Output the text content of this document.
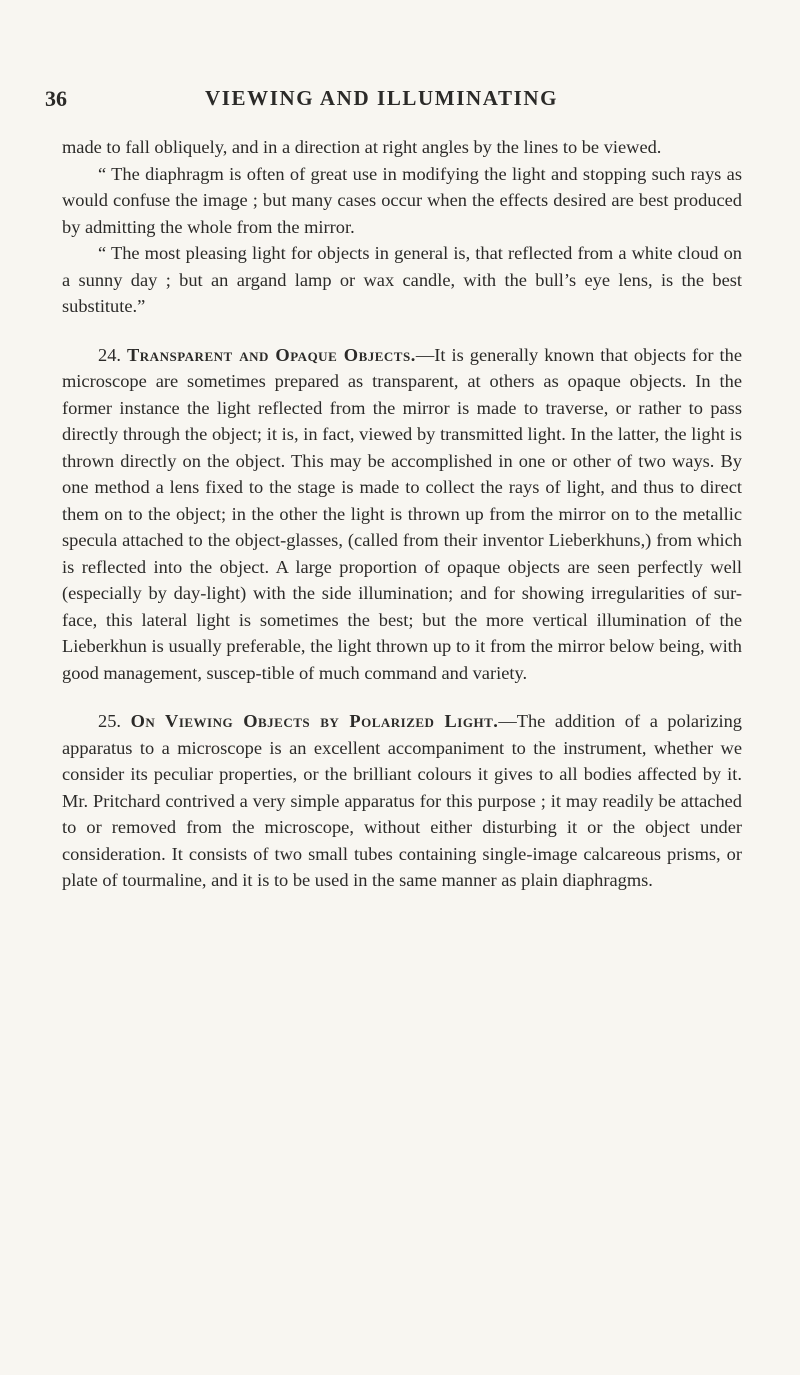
36	VIEWING AND ILLUMINATING

made to fall obliquely, and in a direction at right angles by the lines to be viewed.

“ The diaphragm is often of great use in modifying the light and stopping such rays as would confuse the image ; but many cases occur when the effects desired are best produced by admitting the whole from the mirror.

“ The most pleasing light for objects in general is, that reflected from a white cloud on a sunny day ; but an argand lamp or wax candle, with the bull’s eye lens, is the best substitute.”

24. Transparent and Opaque Objects.—It is generally known that objects for the microscope are sometimes prepared as transparent, at others as opaque objects. In the former instance the light reflected from the mirror is made to traverse, or rather to pass directly through the object; it is, in fact, viewed by transmitted light. In the latter, the light is thrown directly on the object. This may be accomplished in one or other of two ways. By one method a lens fixed to the stage is made to collect the rays of light, and thus to direct them on to the object; in the other the light is thrown up from the mirror on to the metallic specula attached to the object-glasses, (called from their inventor Lieberkhuns,) from which is reflected into the object. A large proportion of opaque objects are seen perfectly well (especially by day-light) with the side illumination; and for showing irregularities of sur-face, this lateral light is sometimes the best; but the more vertical illumination of the Lieberkhun is usually preferable, the light thrown up to it from the mirror below being, with good management, suscep-tible of much command and variety.

25. On Viewing Objects by Polarized Light.—The addition of a polarizing apparatus to a microscope is an excellent accompaniment to the instrument, whether we consider its peculiar properties, or the brilliant colours it gives to all bodies affected by it. Mr. Pritchard contrived a very simple apparatus for this purpose ; it may readily be attached to or removed from the microscope, without either disturbing it or the object under consideration. It consists of two small tubes containing single-image calcareous prisms, or plate of tourmaline, and it is to be used in the same manner as plain diaphragms.
